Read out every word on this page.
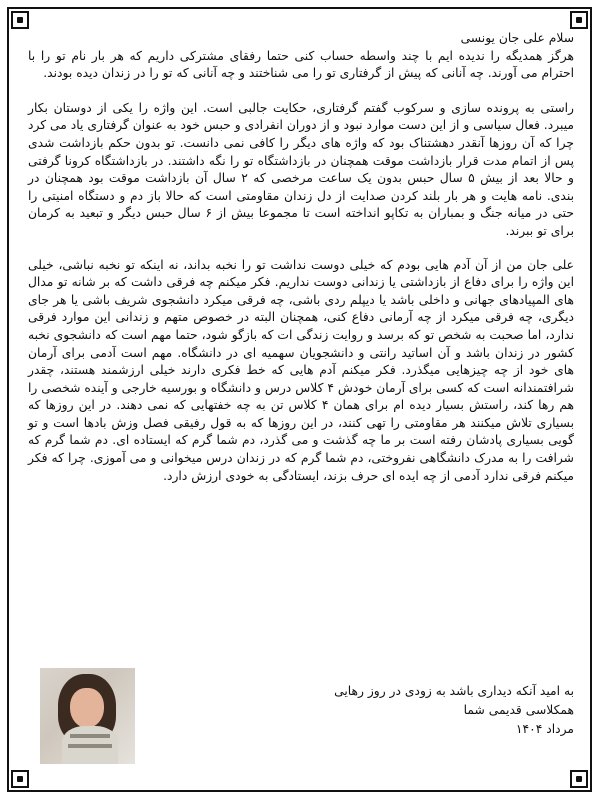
سلام علی جان یونسی

هرگز همدیگه را ندیده ایم با چند واسطه حساب کنی حتما رفقای مشترکی داریم که هر بار نام تو را با احترام می آورند. چه آنانی که پیش از گرفتاری تو را می شناختند و چه آنانی که تو را در زندان دیده بودند.

راستی به پرونده سازی و سرکوب گفتم گرفتاری، حکایت جالبی است. این واژه را یکی از دوستان بکار میبرد. فعال سیاسی و از این دست موارد نبود و از دوران انفرادی و حبس خود به عنوان گرفتاری یاد می کرد چرا که آن روزها آنقدر دهشتناک بود که واژه های دیگر را کافی نمی دانست. تو بدون حکم بازداشت شدی پس از اتمام مدت قرار بازداشت موقت همچنان در بازداشتگاه تو را نگه داشتند. در بازداشتگاه کرونا گرفتی و حالا بعد از بیش ۵ سال حبس بدون یک ساعت مرخصی که ۲ سال آن بازداشت موقت بود همچنان در بندی. نامه هایت و هر بار بلند کردن صدایت از دل زندان مقاومتی است که حالا باز دم و دستگاه امنیتی را حتی در میانه جنگ و بمباران به تکاپو انداخته است تا مجموعا بیش از ۶ سال حبس دیگر و تبعید به کرمان برای تو ببرند.

علی جان من از آن آدم هایی بودم که خیلی دوست نداشت تو را نخبه بداند، نه اینکه تو نخبه نباشی، خیلی این واژه را برای دفاع از بازداشتی یا زندانی دوست نداریم. فکر میکنم چه فرقی داشت که بر شانه تو مدال های المپیادهای جهانی و داخلی باشد یا دیپلم ردی باشی، چه فرقی میکرد دانشجوی شریف باشی یا هر جای دیگری، چه فرقی میکرد از چه آرمانی دفاع کنی، همچنان البته در خصوص متهم و زندانی این موارد فرقی ندارد، اما صحبت به شخص تو که برسد و روایت زندگی ات که بازگو شود، حتما مهم است که دانشجوی نخبه کشور در زندان باشد و آن اساتید رانتی و دانشجویان سهمیه ای در دانشگاه. مهم است آدمی برای آرمان های خود از چه چیزهایی میگذرد. فکر میکنم آدم هایی که خط فکری دارند خیلی ارزشمند هستند، چقدر شرافتمندانه است که کسی برای آرمان خودش ۴ کلاس درس و دانشگاه و بورسیه خارجی و آینده شخصی را هم رها کند، راستش بسیار دیده ام برای همان ۴ کلاس تن به چه خفتهایی که نمی دهند. در این روزها که بسیاری تلاش میکنند هر مقاومتی را تهی کنند، در این روزها که به قول رفیقی فصل وزش بادها است و تو گویی بسیاری پادشان رفته است بر ما چه گذشت و می گذرد، دم شما گرم که ایستاده ای. دم شما گرم که شرافت را به مدرک دانشگاهی نفروختی، دم شما گرم که در زندان درس میخوانی و می آموزی. چرا که فکر میکنم فرقی ندارد آدمی از چه ایده ای حرف بزند، ایستادگی به خودی ارزش دارد.

به امید آنکه دیداری باشد به زودی در روز رهایی
همکلاسی قدیمی شما
مرداد ۱۴۰۴
